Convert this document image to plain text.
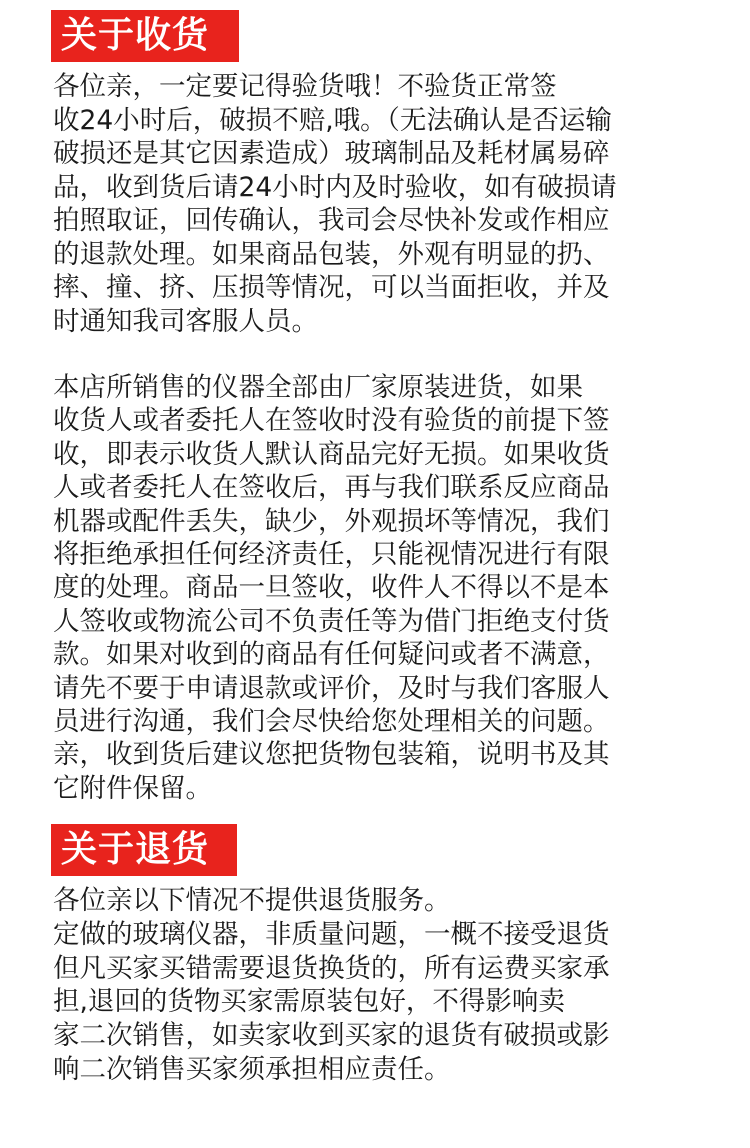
关于收货

各位亲，一定要记得验货哦！不验货正常签
收24小时后，破损不赔,哦。（无法确认是否运输
破损还是其它因素造成）玻璃制品及耗材属易碎
品，收到货后请24小时内及时验收，如有破损请
拍照取证，回传确认，我司会尽快补发或作相应
的退款处理。如果商品包装，外观有明显的扔、
摔、撞、挤、压损等情况，可以当面拒收，并及
时通知我司客服人员。

本店所销售的仪器全部由厂家原装进货，如果
收货人或者委托人在签收时没有验货的前提下签
收，即表示收货人默认商品完好无损。如果收货
人或者委托人在签收后，再与我们联系反应商品
机器或配件丢失，缺少，外观损坏等情况，我们
将拒绝承担任何经济责任，只能视情况进行有限
度的处理。商品一旦签收，收件人不得以不是本
人签收或物流公司不负责任等为借门拒绝支付货
款。如果对收到的商品有任何疑问或者不满意，
请先不要于申请退款或评价，及时与我们客服人
员进行沟通，我们会尽快给您处理相关的问题。
亲，收到货后建议您把货物包装箱，说明书及其
它附件保留。

关于退货

各位亲以下情况不提供退货服务。
定做的玻璃仪器，非质量问题，一概不接受退货
但凡买家买错需要退货换货的，所有运费买家承
担,退回的货物买家需原装包好，不得影响卖
家二次销售，如卖家收到买家的退货有破损或影
响二次销售买家须承担相应责任。
